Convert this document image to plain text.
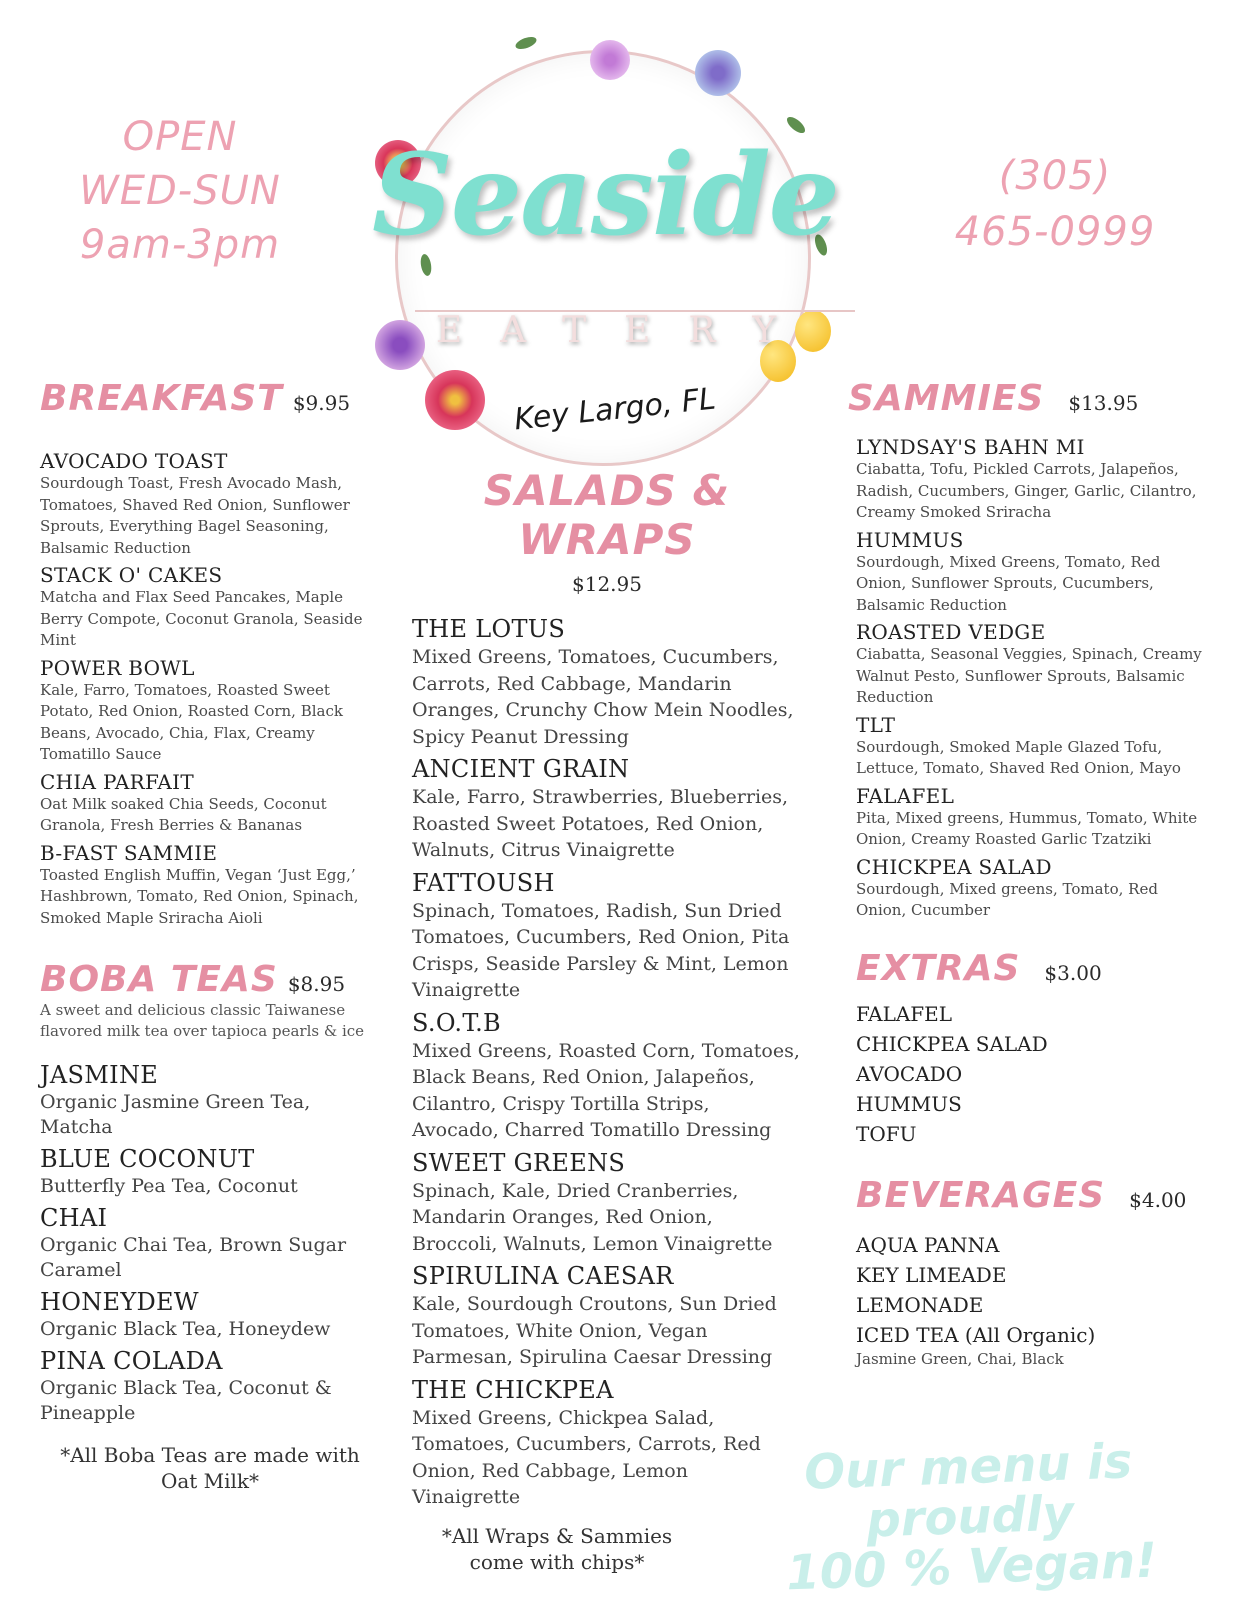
OPEN
WED-SUN
9am-3pm
(305)
465-0999
Seaside
EATERY
Key Largo, FL
BREAKFAST $9.95
AVOCADO TOAST
Sourdough Toast, Fresh Avocado Mash, Tomatoes, Shaved Red Onion, Sunflower Sprouts, Everything Bagel Seasoning, Balsamic Reduction
STACK O' CAKES
Matcha and Flax Seed Pancakes, Maple Berry Compote, Coconut Granola, Seaside Mint
POWER BOWL
Kale, Farro, Tomatoes, Roasted Sweet Potato, Red Onion, Roasted Corn, Black Beans, Avocado, Chia, Flax, Creamy Tomatillo Sauce
CHIA PARFAIT
Oat Milk soaked Chia Seeds, Coconut Granola, Fresh Berries & Bananas
B-FAST SAMMIE
Toasted English Muffin, Vegan ‘Just Egg,’ Hashbrown, Tomato, Red Onion, Spinach, Smoked Maple Sriracha Aioli
BOBA TEAS $8.95
A sweet and delicious classic Taiwanese flavored milk tea over tapioca pearls & ice
JASMINE
Organic Jasmine Green Tea, Matcha
BLUE COCONUT
Butterfly Pea Tea, Coconut
CHAI
Organic Chai Tea, Brown Sugar Caramel
HONEYDEW
Organic Black Tea, Honeydew
PINA COLADA
Organic Black Tea, Coconut & Pineapple
*All Boba Teas are made with Oat Milk*
SALADS & WRAPS
$12.95
THE LOTUS
Mixed Greens, Tomatoes, Cucumbers, Carrots, Red Cabbage, Mandarin Oranges, Crunchy Chow Mein Noodles, Spicy Peanut Dressing
ANCIENT GRAIN
Kale, Farro, Strawberries, Blueberries, Roasted Sweet Potatoes, Red Onion, Walnuts, Citrus Vinaigrette
FATTOUSH
Spinach, Tomatoes, Radish, Sun Dried Tomatoes, Cucumbers, Red Onion, Pita Crisps, Seaside Parsley & Mint, Lemon Vinaigrette
S.O.T.B
Mixed Greens, Roasted Corn, Tomatoes, Black Beans, Red Onion, Jalapeños, Cilantro, Crispy Tortilla Strips, Avocado, Charred Tomatillo Dressing
SWEET GREENS
Spinach, Kale, Dried Cranberries, Mandarin Oranges, Red Onion, Broccoli, Walnuts, Lemon Vinaigrette
SPIRULINA CAESAR
Kale, Sourdough Croutons, Sun Dried Tomatoes, White Onion, Vegan Parmesan, Spirulina Caesar Dressing
THE CHICKPEA
Mixed Greens, Chickpea Salad, Tomatoes, Cucumbers, Carrots, Red Onion, Red Cabbage, Lemon Vinaigrette
*All Wraps & Sammies come with chips*
SAMMIES $13.95
LYNDSAY'S BAHN MI
Ciabatta, Tofu, Pickled Carrots, Jalapeños, Radish, Cucumbers, Ginger, Garlic, Cilantro, Creamy Smoked Sriracha
HUMMUS
Sourdough, Mixed Greens, Tomato, Red Onion, Sunflower Sprouts, Cucumbers, Balsamic Reduction
ROASTED VEDGE
Ciabatta, Seasonal Veggies, Spinach, Creamy Walnut Pesto, Sunflower Sprouts, Balsamic Reduction
TLT
Sourdough, Smoked Maple Glazed Tofu, Lettuce, Tomato, Shaved Red Onion, Mayo
FALAFEL
Pita, Mixed greens, Hummus, Tomato, White Onion, Creamy Roasted Garlic Tzatziki
CHICKPEA SALAD
Sourdough, Mixed greens, Tomato, Red Onion, Cucumber
EXTRAS $3.00
FALAFEL
CHICKPEA SALAD
AVOCADO
HUMMUS
TOFU
BEVERAGES $4.00
AQUA PANNA
KEY LIMEADE
LEMONADE
ICED TEA (All Organic)
Jasmine Green, Chai, Black
Our menu is proudly
100 % Vegan!
